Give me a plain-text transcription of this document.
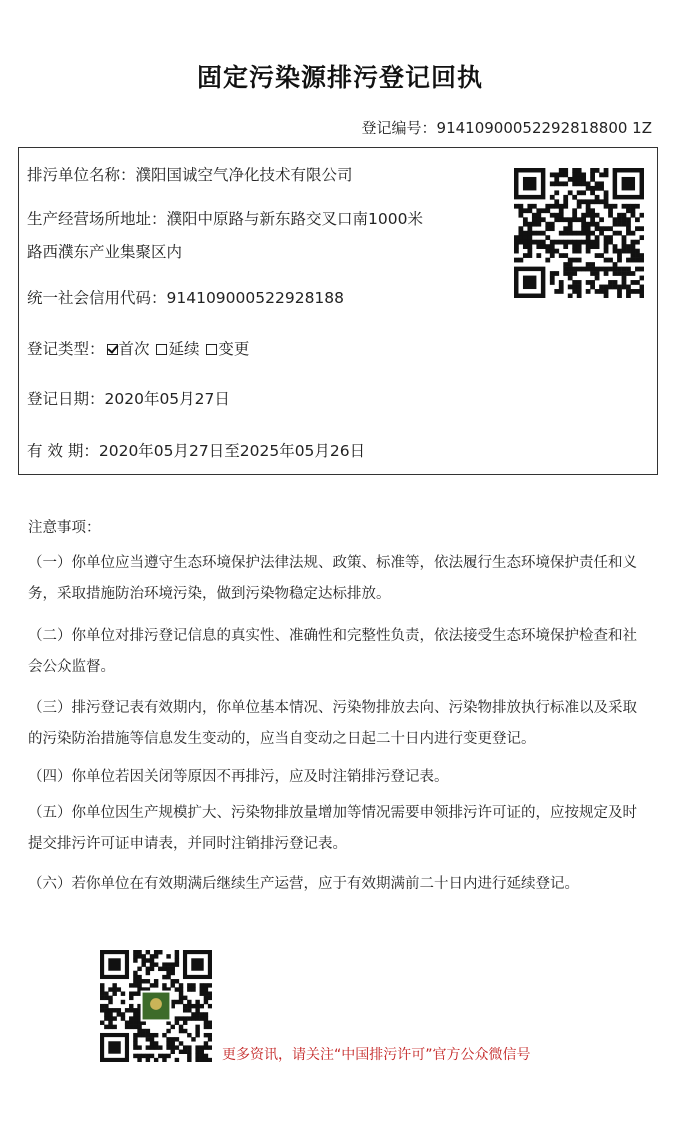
固定污染源排污登记回执
登记编号：91410900052292818800 1Z
排污单位名称：濮阳国诚空气净化技术有限公司
生产经营场所地址：濮阳中原路与新东路交叉口南1000米
路西濮东产业集聚区内
统一社会信用代码：914109000522928188
登记类型： 首次 延续 变更
登记日期：2020年05月27日
有 效 期：2020年05月27日至2025年05月26日
注意事项：
（一）你单位应当遵守生态环境保护法律法规、政策、标准等，依法履行生态环境保护责任和义务，采取措施防治环境污染，做到污染物稳定达标排放。
（二）你单位对排污登记信息的真实性、准确性和完整性负责，依法接受生态环境保护检查和社会公众监督。
（三）排污登记表有效期内，你单位基本情况、污染物排放去向、污染物排放执行标准以及采取的污染防治措施等信息发生变动的，应当自变动之日起二十日内进行变更登记。
（四）你单位若因关闭等原因不再排污，应及时注销排污登记表。
（五）你单位因生产规模扩大、污染物排放量增加等情况需要申领排污许可证的，应按规定及时提交排污许可证申请表，并同时注销排污登记表。
（六）若你单位在有效期满后继续生产运营，应于有效期满前二十日内进行延续登记。
更多资讯，请关注“中国排污许可”官方公众微信号
